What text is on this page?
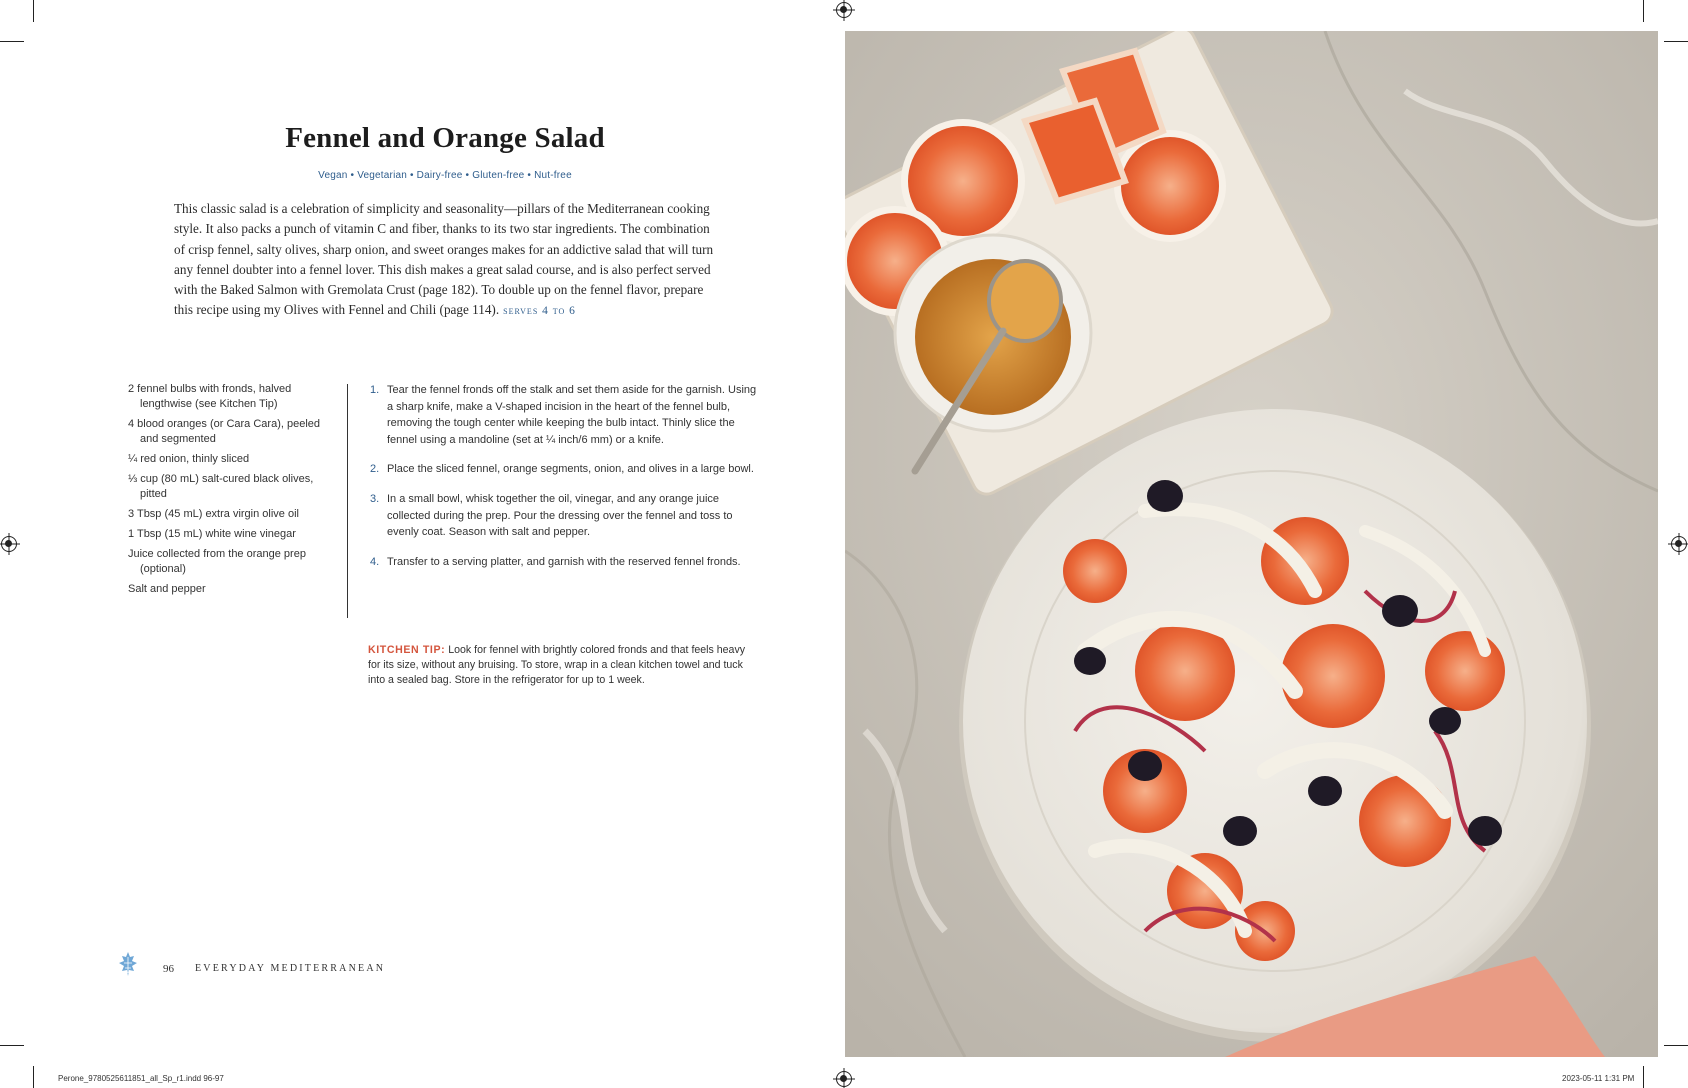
Fennel and Orange Salad
Vegan • Vegetarian • Dairy-free • Gluten-free • Nut-free

This classic salad is a celebration of simplicity and seasonality—pillars of the Mediterranean cooking style. It also packs a punch of vitamin C and fiber, thanks to its two star ingredients. The combination of crisp fennel, salty olives, sharp onion, and sweet oranges makes for an addictive salad that will turn any fennel doubter into a fennel lover. This dish makes a great salad course, and is also perfect served with the Baked Salmon with Gremolata Crust (page 182). To double up on the fennel flavor, prepare this recipe using my Olives with Fennel and Chili (page 114). serves 4 to 6

2 fennel bulbs with fronds, halved lengthwise (see Kitchen Tip)
4 blood oranges (or Cara Cara), peeled and segmented
¼ red onion, thinly sliced
⅓ cup (80 mL) salt-cured black olives, pitted
3 Tbsp (45 mL) extra virgin olive oil
1 Tbsp (15 mL) white wine vinegar
Juice collected from the orange prep (optional)
Salt and pepper
1. Tear the fennel fronds off the stalk and set them aside for the garnish. Using a sharp knife, make a V-shaped incision in the heart of the fennel bulb, removing the tough center while keeping the bulb intact. Thinly slice the fennel using a mandoline (set at ¼ inch/6 mm) or a knife.
2. Place the sliced fennel, orange segments, onion, and olives in a large bowl.
3. In a small bowl, whisk together the oil, vinegar, and any orange juice collected during the prep. Pour the dressing over the fennel and toss to evenly coat. Season with salt and pepper.
4. Transfer to a serving platter, and garnish with the reserved fennel fronds.

KITCHEN TIP: Look for fennel with brightly colored fronds and that feels heavy for its size, without any bruising. To store, wrap in a clean kitchen towel and tuck into a sealed bag. Store in the refrigerator for up to 1 week.

96 EVERYDAY MEDITERRANEAN
Perone_9780525611851_all_Sp_r1.indd 96-97	2023-05-11 1:31 PM
